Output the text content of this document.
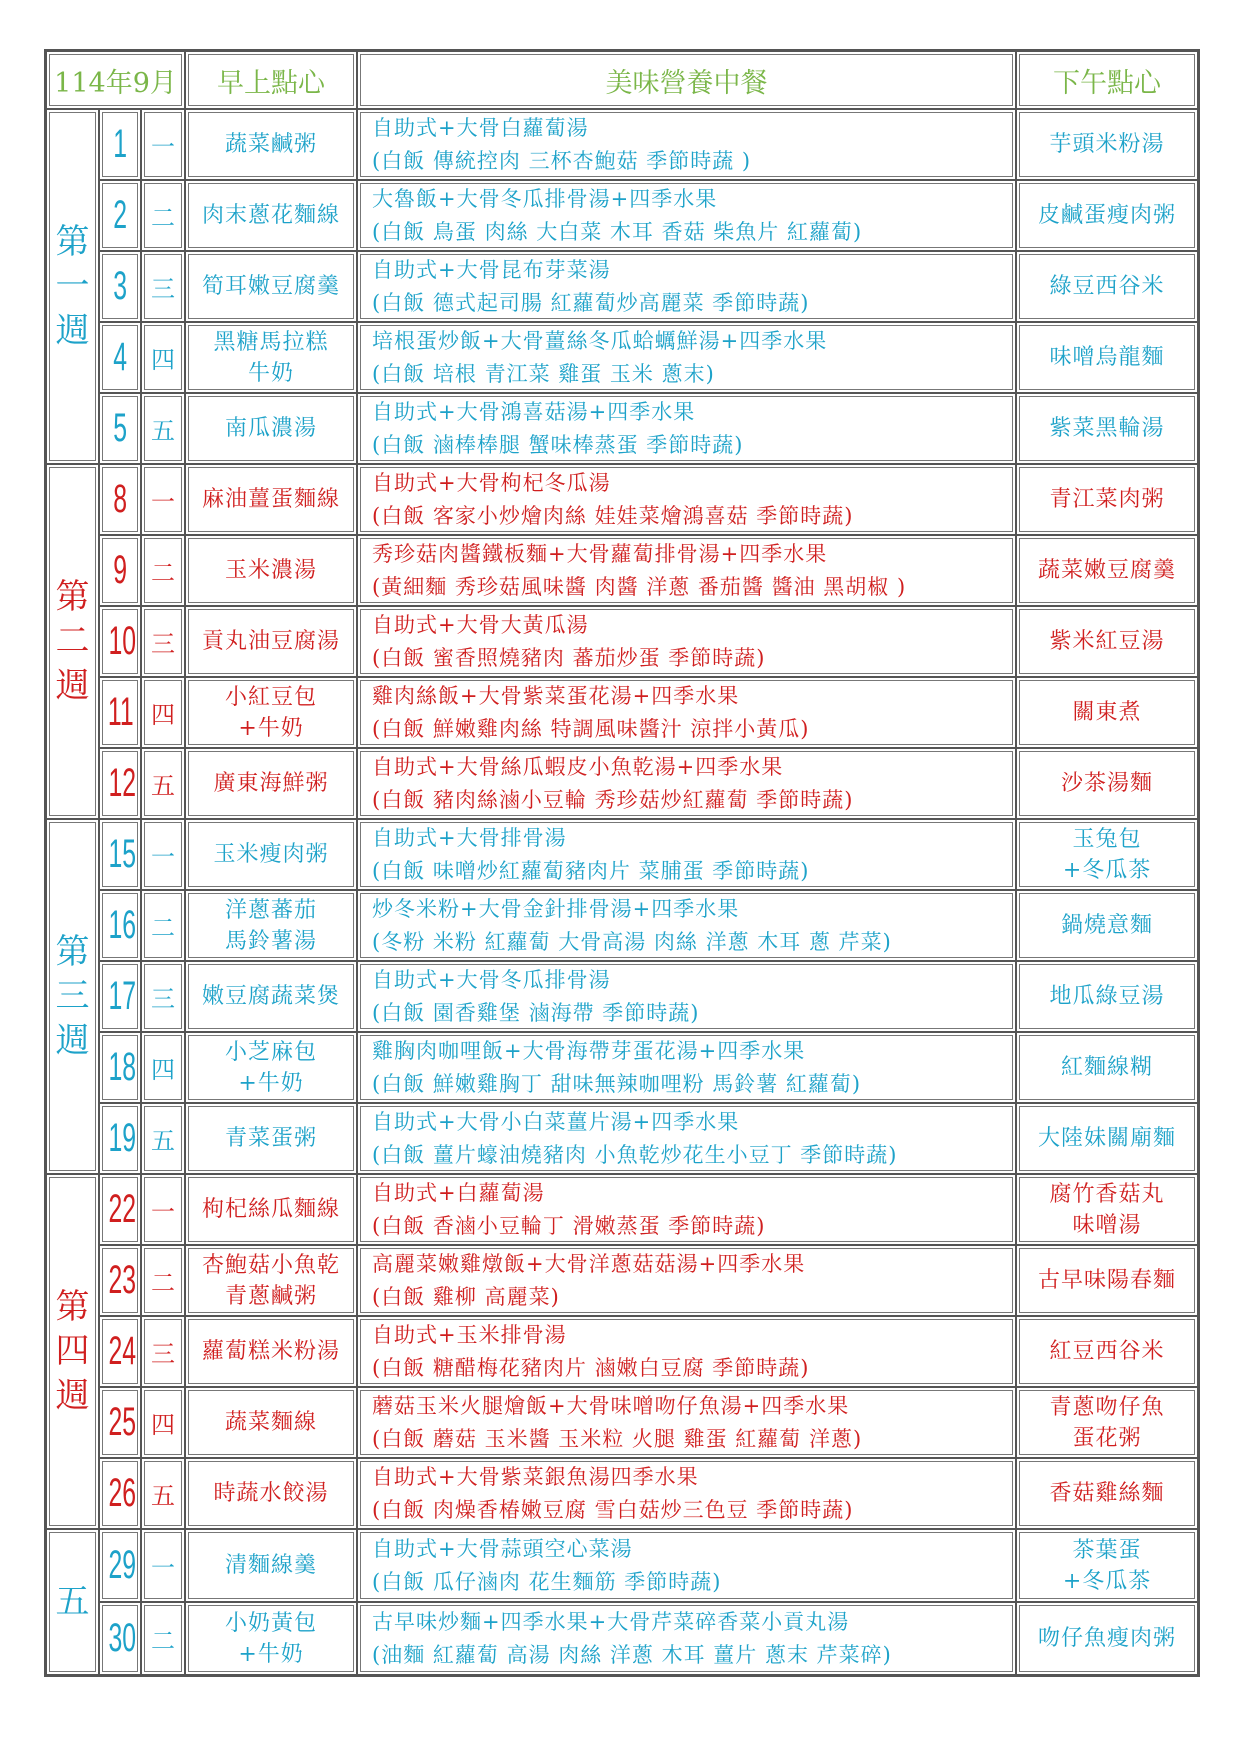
114年9月			早上點心	美味營養中餐	下午點心

第
一
週	1	一	蔬菜鹹粥	自助式+大骨白蘿蔔湯
(白飯 傳統控肉 三杯杏鮑菇 季節時蔬 )	芋頭米粉湯

	2	二	肉末蔥花麵線	大魯飯+大骨冬瓜排骨湯+四季水果
(白飯 鳥蛋 肉絲 大白菜 木耳 香菇 柴魚片 紅蘿蔔)	皮鹹蛋瘦肉粥

	3	三	筍耳嫩豆腐羹	自助式+大骨昆布芽菜湯
(白飯 德式起司腸 紅蘿蔔炒高麗菜 季節時蔬)	綠豆西谷米

	4	四	黑糖馬拉糕
牛奶	培根蛋炒飯+大骨薑絲冬瓜蛤蠣鮮湯+四季水果
(白飯 培根 青江菜 雞蛋 玉米 蔥末)	味噌烏龍麵

	5	五	南瓜濃湯	自助式+大骨鴻喜菇湯+四季水果
(白飯 滷棒棒腿 蟹味棒蒸蛋 季節時蔬)	紫菜黑輪湯

第
二
週	8	一	麻油薑蛋麵線	自助式+大骨枸杞冬瓜湯
(白飯 客家小炒燴肉絲 娃娃菜燴鴻喜菇 季節時蔬)	青江菜肉粥

	9	二	玉米濃湯	秀珍菇肉醬鐵板麵+大骨蘿蔔排骨湯+四季水果
(黃細麵 秀珍菇風味醬 肉醬 洋蔥 番茄醬 醬油 黑胡椒 )	蔬菜嫩豆腐羹

	10	三	貢丸油豆腐湯	自助式+大骨大黃瓜湯
(白飯 蜜香照燒豬肉 蕃茄炒蛋 季節時蔬)	紫米紅豆湯

	11	四	小紅豆包
+牛奶	雞肉絲飯+大骨紫菜蛋花湯+四季水果
(白飯 鮮嫩雞肉絲 特調風味醬汁 涼拌小黃瓜)	關東煮

	12	五	廣東海鮮粥	自助式+大骨絲瓜蝦皮小魚乾湯+四季水果
(白飯 豬肉絲滷小豆輪 秀珍菇炒紅蘿蔔 季節時蔬)	沙茶湯麵

第
三
週	15	一	玉米瘦肉粥	自助式+大骨排骨湯
(白飯 味噌炒紅蘿蔔豬肉片 菜脯蛋 季節時蔬)	玉兔包
+冬瓜茶

	16	二	洋蔥蕃茄
馬鈴薯湯	炒冬米粉+大骨金針排骨湯+四季水果
(冬粉 米粉 紅蘿蔔 大骨高湯 肉絲 洋蔥 木耳 蔥 芹菜)	鍋燒意麵

	17	三	嫩豆腐蔬菜煲	自助式+大骨冬瓜排骨湯
(白飯 園香雞堡 滷海帶 季節時蔬)	地瓜綠豆湯

	18	四	小芝麻包
+牛奶	雞胸肉咖哩飯+大骨海帶芽蛋花湯+四季水果
(白飯 鮮嫩雞胸丁 甜味無辣咖哩粉 馬鈴薯 紅蘿蔔)	紅麵線糊

	19	五	青菜蛋粥	自助式+大骨小白菜薑片湯+四季水果
(白飯 薑片蠔油燒豬肉 小魚乾炒花生小豆丁 季節時蔬)	大陸妹關廟麵

第
四
週	22	一	枸杞絲瓜麵線	自助式+白蘿蔔湯
(白飯 香滷小豆輪丁 滑嫩蒸蛋 季節時蔬)	腐竹香菇丸
味噌湯

	23	二	杏鮑菇小魚乾
青蔥鹹粥	高麗菜嫩雞燉飯+大骨洋蔥菇菇湯+四季水果
(白飯 雞柳 高麗菜)	古早味陽春麵

	24	三	蘿蔔糕米粉湯	自助式+玉米排骨湯
(白飯 糖醋梅花豬肉片 滷嫩白豆腐 季節時蔬)	紅豆西谷米

	25	四	蔬菜麵線	蘑菇玉米火腿燴飯+大骨味噌吻仔魚湯+四季水果
(白飯 蘑菇 玉米醬 玉米粒 火腿 雞蛋 紅蘿蔔 洋蔥)	青蔥吻仔魚
蛋花粥

	26	五	時蔬水餃湯	自助式+大骨紫菜銀魚湯四季水果
(白飯 肉燥香椿嫩豆腐 雪白菇炒三色豆 季節時蔬)	香菇雞絲麵

五	29	一	清麵線羹	自助式+大骨蒜頭空心菜湯
(白飯 瓜仔滷肉 花生麵筋 季節時蔬)	茶葉蛋
+冬瓜茶

	30	二	小奶黃包
+牛奶	古早味炒麵+四季水果+大骨芹菜碎香菜小貢丸湯
(油麵 紅蘿蔔 高湯 肉絲 洋蔥 木耳 薑片 蔥末 芹菜碎)	吻仔魚瘦肉粥
